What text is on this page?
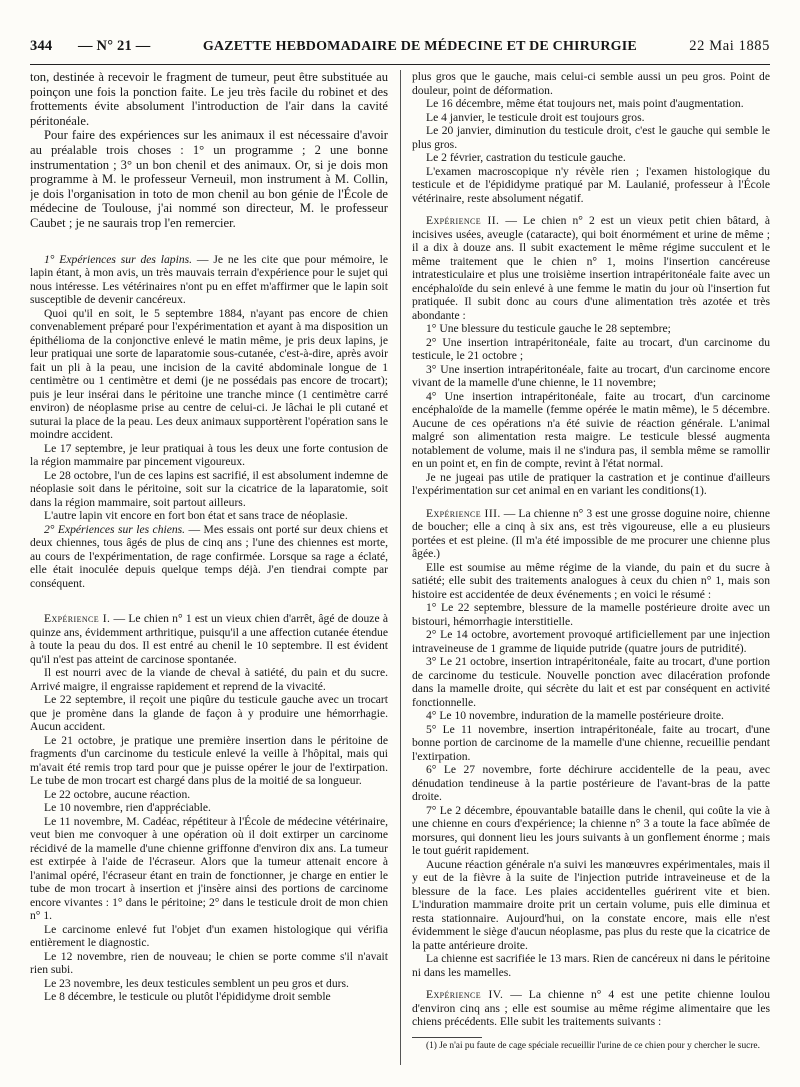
344	— N° 21 —	GAZETTE HEBDOMADAIRE DE MÉDECINE ET DE CHIRURGIE	22 Mai 1885

ton, destinée à recevoir le fragment de tumeur, peut être substituée au poinçon une fois la ponction faite. Le jeu très facile du robinet et des frottements évite absolument l'introduction de l'air dans la cavité péritonéale.

Pour faire des expériences sur les animaux il est nécessaire d'avoir au préalable trois choses : 1° un programme ; 2 une bonne instrumentation ; 3° un bon chenil et des animaux. Or, si je dois mon programme à M. le professeur Verneuil, mon instrument à M. Collin, je dois l'organisation in toto de mon chenil au bon génie de l'École de médecine de Toulouse, j'ai nommé son directeur, M. le professeur Caubet ; je ne saurais trop l'en remercier.

1° Expériences sur des lapins. — Je ne les cite que pour mémoire, le lapin étant, à mon avis, un très mauvais terrain d'expérience pour le sujet qui nous intéresse. Les vétérinaires n'ont pu en effet m'affirmer que le lapin soit susceptible de devenir cancéreux.

Quoi qu'il en soit, le 5 septembre 1884, n'ayant pas encore de chien convenablement préparé pour l'expérimentation et ayant à ma disposition un épithélioma de la conjonctive enlevé le matin même, je pris deux lapins, je leur pratiquai une sorte de laparatomie sous-cutanée, c'est-à-dire, après avoir fait un pli à la peau, une incision de la cavité abdominale longue de 1 centimètre ou 1 centimètre et demi (je ne possédais pas encore de trocart); puis je leur insérai dans le péritoine une tranche mince (1 centimètre carré environ) de néoplasme prise au centre de celui-ci. Je lâchai le pli cutané et suturai la place de la peau. Les deux animaux supportèrent l'opération sans le moindre accident.

Le 17 septembre, je leur pratiquai à tous les deux une forte contusion de la région mammaire par pincement vigoureux.

Le 28 octobre, l'un de ces lapins est sacrifié, il est absolument indemne de néoplasie soit dans le péritoine, soit sur la cicatrice de la laparatomie, soit dans la région mammaire, soit partout ailleurs.

L'autre lapin vit encore en fort bon état et sans trace de néoplasie.

2° Expériences sur les chiens. — Mes essais ont porté sur deux chiens et deux chiennes, tous âgés de plus de cinq ans ; l'une des chiennes est morte, au cours de l'expérimentation, de rage confirmée. Lorsque sa rage a éclaté, elle était inoculée depuis quelque temps déjà. J'en tiendrai compte par conséquent.

Expérience I. — Le chien n° 1 est un vieux chien d'arrêt, âgé de douze à quinze ans, évidemment arthritique, puisqu'il a une affection cutanée étendue à toute la peau du dos. Il est entré au chenil le 10 septembre. Il est évident qu'il n'est pas atteint de carcinose spontanée.

Il est nourri avec de la viande de cheval à satiété, du pain et du sucre. Arrivé maigre, il engraisse rapidement et reprend de la vivacité.

Le 22 septembre, il reçoit une piqûre du testicule gauche avec un trocart que je promène dans la glande de façon à y produire une hémorrhagie. Aucun accident.

Le 21 octobre, je pratique une première insertion dans le péritoine de fragments d'un carcinome du testicule enlevé la veille à l'hôpital, mais qui m'avait été remis trop tard pour que je puisse opérer le jour de l'extirpation. Le tube de mon trocart est chargé dans plus de la moitié de sa longueur.

Le 22 octobre, aucune réaction.

Le 10 novembre, rien d'appréciable.

Le 11 novembre, M. Cadéac, répétiteur à l'École de médecine vétérinaire, veut bien me convoquer à une opération où il doit extirper un carcinome récidivé de la mamelle d'une chienne griffonne d'environ dix ans. La tumeur est extirpée à l'aide de l'écraseur. Alors que la tumeur attenait encore à l'animal opéré, l'écraseur étant en train de fonctionner, je charge en entier le tube de mon trocart à insertion et j'insère ainsi des portions de carcinome encore vivantes : 1° dans le péritoine; 2° dans le testicule droit de mon chien n° 1.

Le carcinome enlevé fut l'objet d'un examen histologique qui vérifia entièrement le diagnostic.

Le 12 novembre, rien de nouveau; le chien se porte comme s'il n'avait rien subi.

Le 23 novembre, les deux testicules semblent un peu gros et durs.

Le 8 décembre, le testicule ou plutôt l'épididyme droit semble

plus gros que le gauche, mais celui-ci semble aussi un peu gros. Point de douleur, point de déformation.

Le 16 décembre, même état toujours net, mais point d'augmentation.

Le 4 janvier, le testicule droit est toujours gros.

Le 20 janvier, diminution du testicule droit, c'est le gauche qui semble le plus gros.

Le 2 février, castration du testicule gauche.

L'examen macroscopique n'y révèle rien ; l'examen histologique du testicule et de l'épididyme pratiqué par M. Laulanié, professeur à l'École vétérinaire, reste absolument négatif.

Expérience II. — Le chien n° 2 est un vieux petit chien bâtard, à incisives usées, aveugle (cataracte), qui boit énormément et urine de même ; il a dix à douze ans. Il subit exactement le même régime succulent et le même traitement que le chien n° 1, moins l'insertion cancéreuse intratesticulaire et plus une troisième insertion intrapéritonéale faite avec un encéphaloïde du sein enlevé à une femme le matin du jour où l'insertion fut pratiquée. Il subit donc au cours d'une alimentation très azotée et très abondante :

1° Une blessure du testicule gauche le 28 septembre;

2° Une insertion intrapéritonéale, faite au trocart, d'un carcinome du testicule, le 21 octobre ;

3° Une insertion intrapéritonéale, faite au trocart, d'un carcinome encore vivant de la mamelle d'une chienne, le 11 novembre;

4° Une insertion intrapéritonéale, faite au trocart, d'un carcinome encéphaloïde de la mamelle (femme opérée le matin même), le 5 décembre. Aucune de ces opérations n'a été suivie de réaction générale. L'animal malgré son alimentation resta maigre. Le testicule blessé augmenta notablement de volume, mais il ne s'indura pas, il sembla même se ramollir en un point et, en fin de compte, revint à l'état normal.

Je ne jugeai pas utile de pratiquer la castration et je continue d'ailleurs l'expérimentation sur cet animal en en variant les conditions(1).

Expérience III. — La chienne n° 3 est une grosse doguine noire, chienne de boucher; elle a cinq à six ans, est très vigoureuse, elle a eu plusieurs portées et est pleine. (Il m'a été impossible de me procurer une chienne plus âgée.)

Elle est soumise au même régime de la viande, du pain et du sucre à satiété; elle subit des traitements analogues à ceux du chien n° 1, mais son histoire est accidentée de deux événements ; en voici le résumé :

1° Le 22 septembre, blessure de la mamelle postérieure droite avec un bistouri, hémorrhagie interstitielle.

2° Le 14 octobre, avortement provoqué artificiellement par une injection intraveineuse de 1 gramme de liquide putride (quatre jours de putridité).

3° Le 21 octobre, insertion intrapéritonéale, faite au trocart, d'une portion de carcinome du testicule. Nouvelle ponction avec dilacération profonde dans la mamelle droite, qui sécrète du lait et est par conséquent en activité fonctionnelle.

4° Le 10 novembre, induration de la mamelle postérieure droite.

5° Le 11 novembre, insertion intrapéritonéale, faite au trocart, d'une bonne portion de carcinome de la mamelle d'une chienne, recueillie pendant l'extirpation.

6° Le 27 novembre, forte déchirure accidentelle de la peau, avec dénudation tendineuse à la partie postérieure de l'avant-bras de la patte droite.

7° Le 2 décembre, épouvantable bataille dans le chenil, qui coûte la vie à une chienne en cours d'expérience; la chienne n° 3 a toute la face abîmée de morsures, qui donnent lieu les jours suivants à un gonflement énorme ; mais le tout guérit rapidement.

Aucune réaction générale n'a suivi les manœuvres expérimentales, mais il y eut de la fièvre à la suite de l'injection putride intraveineuse et de la blessure de la face. Les plaies accidentelles guérirent vite et bien. L'induration mammaire droite prit un certain volume, puis elle diminua et resta stationnaire. Aujourd'hui, on la constate encore, mais elle n'est évidemment le siège d'aucun néoplasme, pas plus du reste que la cicatrice de la patte antérieure droite.

La chienne est sacrifiée le 13 mars. Rien de cancéreux ni dans le péritoine ni dans les mamelles.

Expérience IV. — La chienne n° 4 est une petite chienne loulou d'environ cinq ans ; elle est soumise au même régime alimentaire que les chiens précédents. Elle subit les traitements suivants :

(1) Je n'ai pu faute de cage spéciale recueillir l'urine de ce chien pour y chercher le sucre.
